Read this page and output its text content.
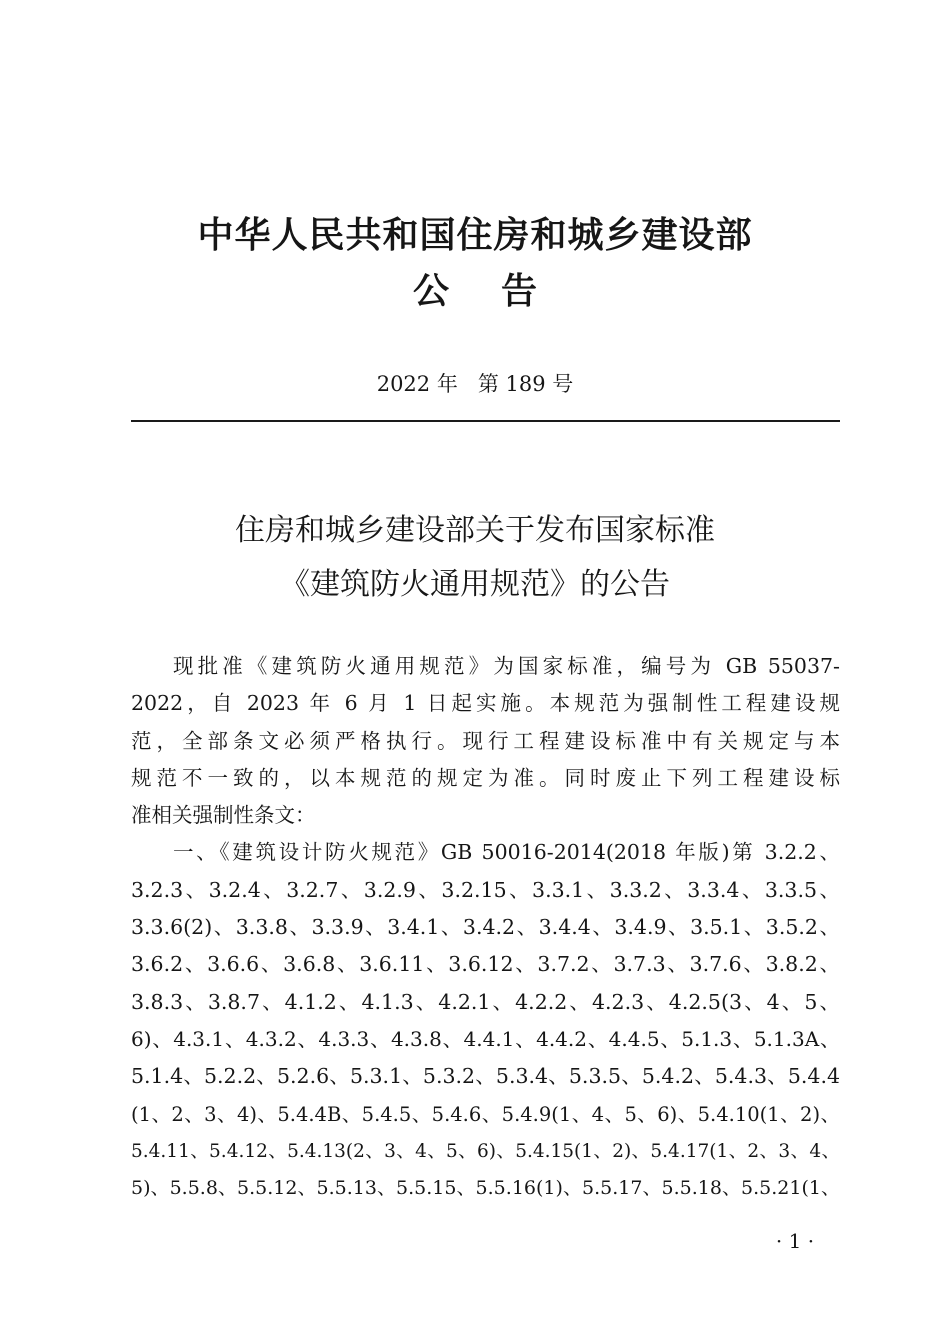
中华人民共和国住房和城乡建设部
公告
2022 年   第 189 号
住房和城乡建设部关于发布国家标准
《建筑防火通用规范》的公告
现批准《建筑防火通用规范》为国家标准，编号为 GB 55037-
2022，自 2023 年 6 月 1 日起实施。本规范为强制性工程建设规
范，全部条文必须严格执行。现行工程建设标准中有关规定与本
规范不一致的，以本规范的规定为准。同时废止下列工程建设标
准相关强制性条文：
一、《建筑设计防火规范》GB 50016-2014(2018 年版)第 3.2.2、
3.2.3、3.2.4、3.2.7、3.2.9、3.2.15、3.3.1、3.3.2、3.3.4、3.3.5、
3.3.6(2)、3.3.8、3.3.9、3.4.1、3.4.2、3.4.4、3.4.9、3.5.1、3.5.2、
3.6.2、3.6.6、3.6.8、3.6.11、3.6.12、3.7.2、3.7.3、3.7.6、3.8.2、
3.8.3、3.8.7、4.1.2、4.1.3、4.2.1、4.2.2、4.2.3、4.2.5(3、4、5、
6)、4.3.1、4.3.2、4.3.3、4.3.8、4.4.1、4.4.2、4.4.5、5.1.3、5.1.3A、
5.1.4、5.2.2、5.2.6、5.3.1、5.3.2、5.3.4、5.3.5、5.4.2、5.4.3、5.4.4
(1、2、3、4)、5.4.4B、5.4.5、5.4.6、5.4.9(1、4、5、6)、5.4.10(1、2)、
5.4.11、5.4.12、5.4.13(2、3、4、5、6)、5.4.15(1、2)、5.4.17(1、2、3、4、
5)、5.5.8、5.5.12、5.5.13、5.5.15、5.5.16(1)、5.5.17、5.5.18、5.5.21(1、
· 1 ·
